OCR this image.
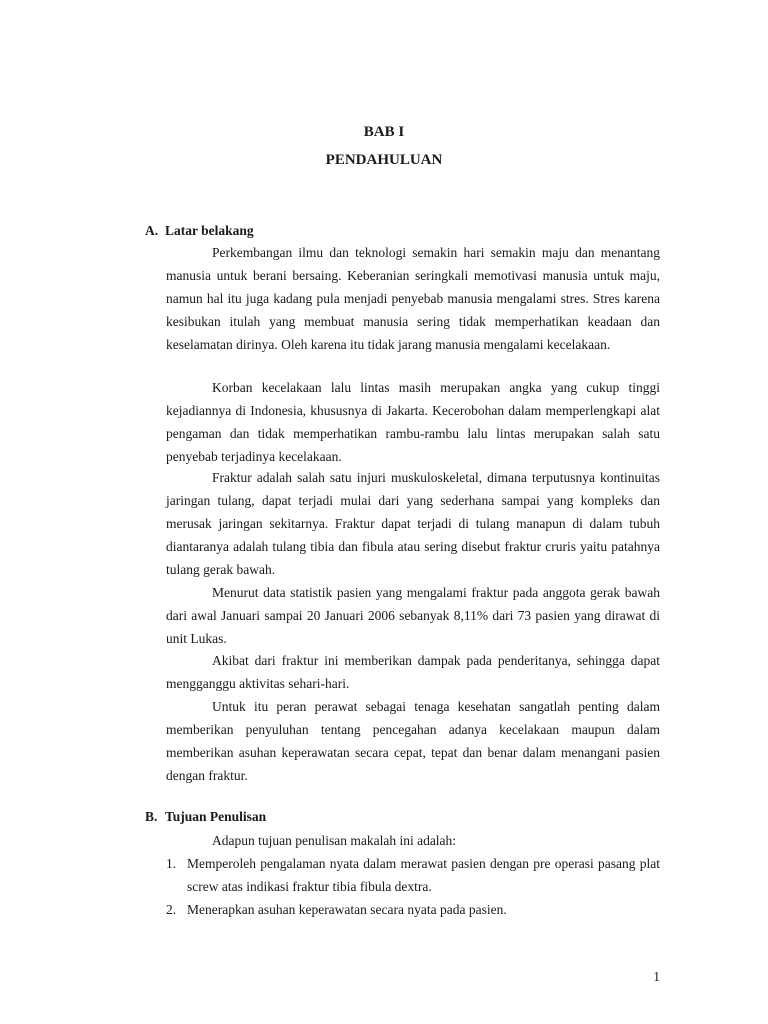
BAB I
PENDAHULUAN
A. Latar belakang

Perkembangan ilmu dan teknologi semakin hari semakin maju dan menantang manusia untuk berani bersaing. Keberanian seringkali memotivasi manusia untuk maju, namun hal itu juga kadang pula menjadi penyebab manusia mengalami stres. Stres karena kesibukan itulah yang membuat manusia sering tidak memperhatikan keadaan dan keselamatan dirinya. Oleh karena itu tidak jarang manusia mengalami kecelakaan.

Korban kecelakaan lalu lintas masih merupakan angka yang cukup tinggi kejadiannya di Indonesia, khususnya di Jakarta. Kecerobohan dalam memperlengkapi alat pengaman dan tidak memperhatikan rambu-rambu lalu lintas merupakan salah satu penyebab terjadinya kecelakaan.

Fraktur adalah salah satu injuri muskuloskeletal, dimana terputusnya kontinuitas jaringan tulang, dapat terjadi mulai dari yang sederhana sampai yang kompleks dan merusak jaringan sekitarnya. Fraktur dapat terjadi di tulang manapun di dalam tubuh diantaranya adalah tulang tibia dan fibula atau sering disebut fraktur cruris yaitu patahnya tulang gerak bawah.

Menurut data statistik pasien yang mengalami fraktur pada anggota gerak bawah dari awal Januari sampai 20 Januari 2006 sebanyak 8,11% dari 73 pasien yang dirawat di unit Lukas.

Akibat dari fraktur ini memberikan dampak pada penderitanya, sehingga dapat mengganggu aktivitas sehari-hari.

Untuk itu peran perawat sebagai tenaga kesehatan sangatlah penting dalam memberikan penyuluhan tentang pencegahan adanya kecelakaan maupun dalam memberikan asuhan keperawatan secara cepat, tepat dan benar dalam menangani pasien dengan fraktur.

B. Tujuan Penulisan

Adapun tujuan penulisan makalah ini adalah:

1. Memperoleh pengalaman nyata dalam merawat pasien dengan pre operasi pasang plat screw atas indikasi fraktur tibia fibula dextra.
2. Menerapkan asuhan keperawatan secara nyata pada pasien.
1
